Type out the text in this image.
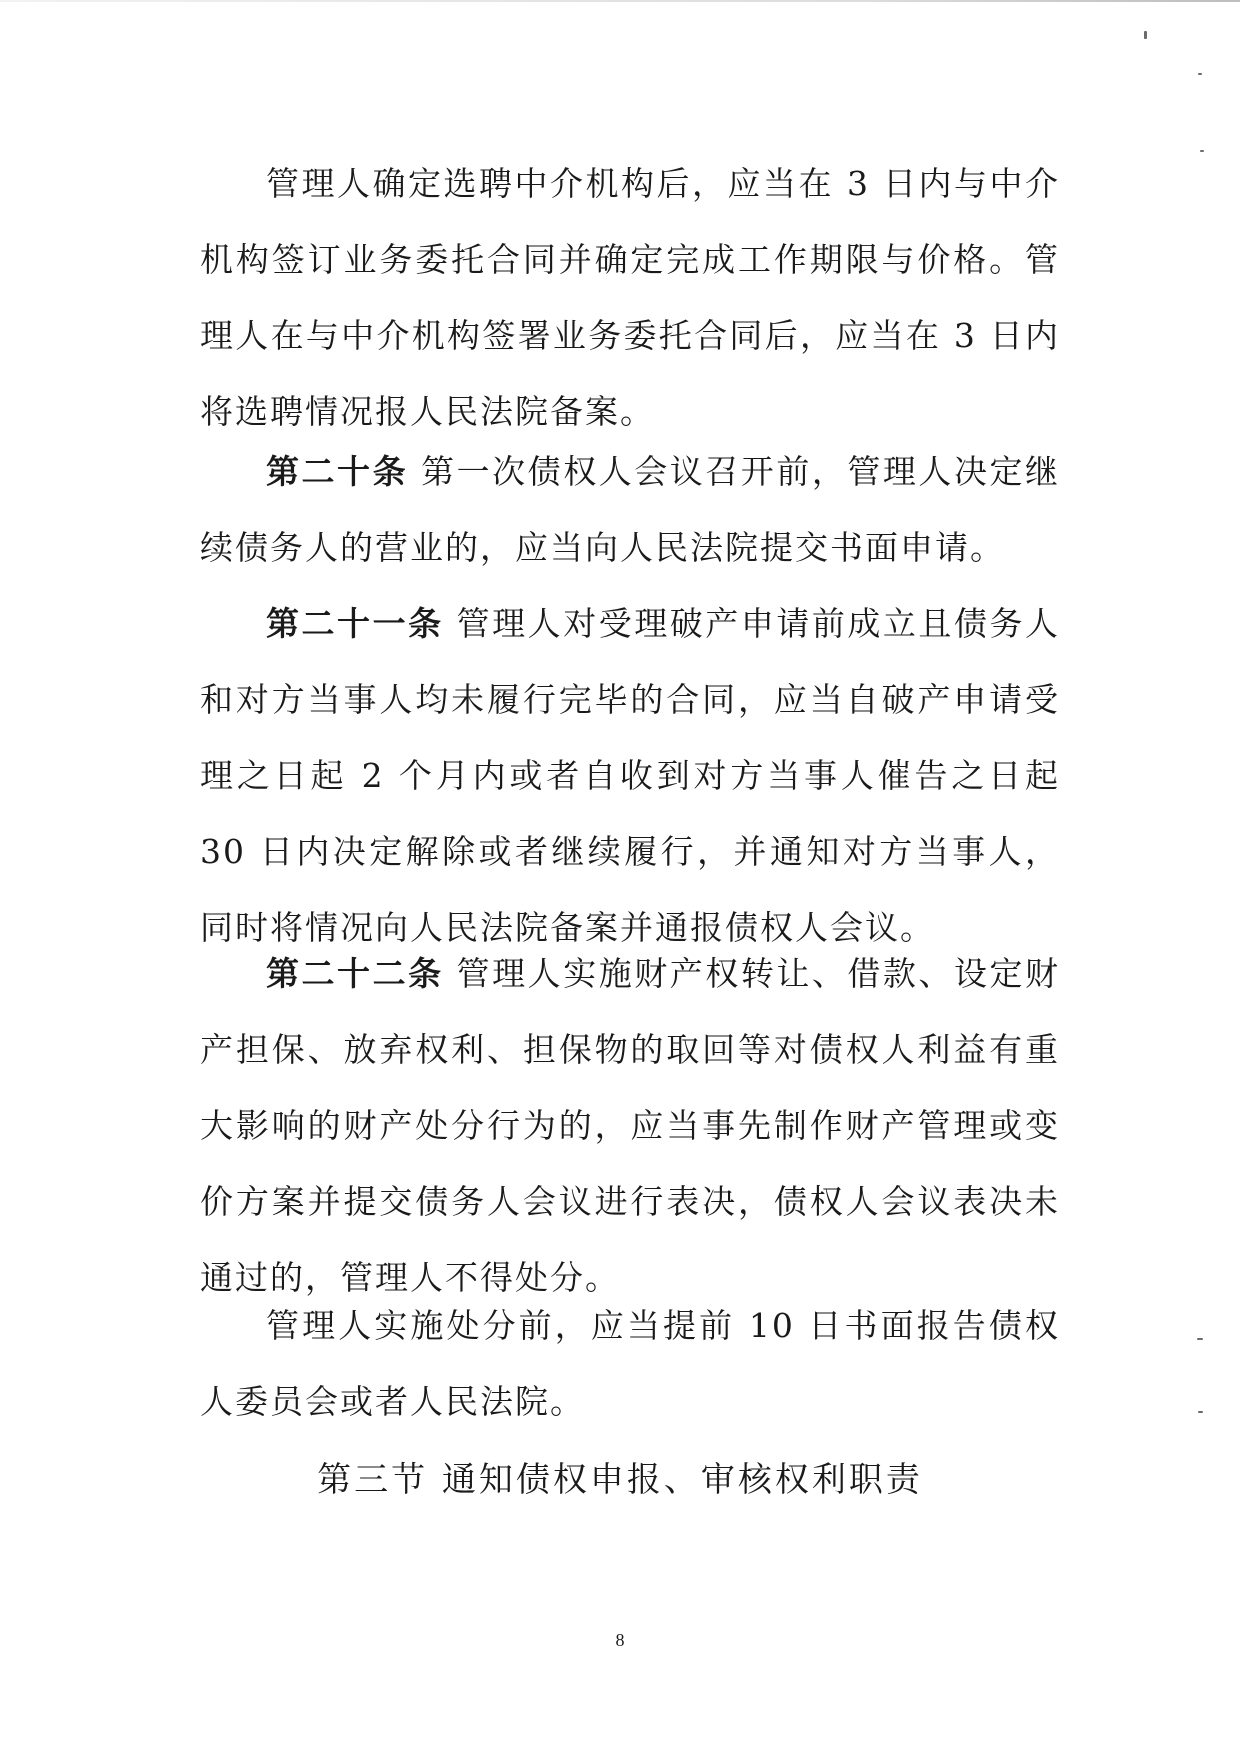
管理人确定选聘中介机构后，应当在 3 日内与中介机构签订业务委托合同并确定完成工作期限与价格。管理人在与中介机构签署业务委托合同后，应当在 3 日内将选聘情况报人民法院备案。

第二十条 第一次债权人会议召开前，管理人决定继续债务人的营业的，应当向人民法院提交书面申请。

第二十一条 管理人对受理破产申请前成立且债务人和对方当事人均未履行完毕的合同，应当自破产申请受理之日起 2 个月内或者自收到对方当事人催告之日起 30 日内决定解除或者继续履行，并通知对方当事人，同时将情况向人民法院备案并通报债权人会议。

第二十二条 管理人实施财产权转让、借款、设定财产担保、放弃权利、担保物的取回等对债权人利益有重大影响的财产处分行为的，应当事先制作财产管理或变价方案并提交债务人会议进行表决，债权人会议表决未通过的，管理人不得处分。

管理人实施处分前，应当提前 10 日书面报告债权人委员会或者人民法院。

第三节 通知债权申报、审核权利职责

8
